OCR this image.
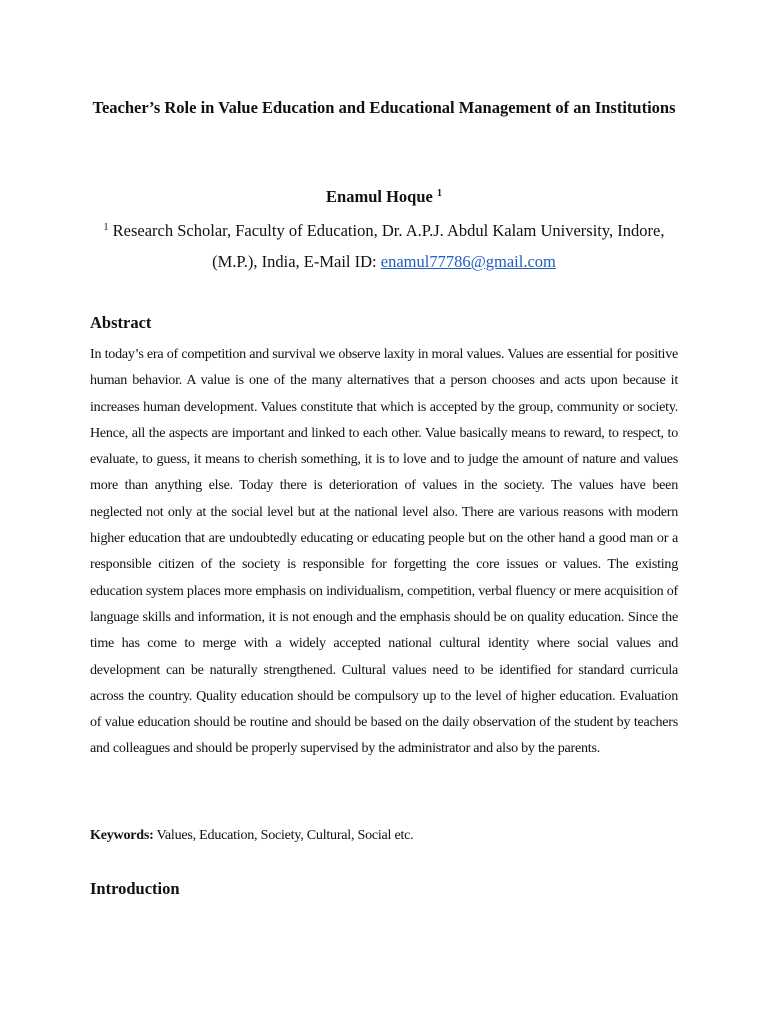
Teacher’s Role in Value Education and Educational Management of an Institutions
Enamul Hoque $^1$
$^1$ Research Scholar, Faculty of Education, Dr. A.P.J. Abdul Kalam University, Indore, (M.P.), India, E-Mail ID: enamul77786@gmail.com
Abstract
In today’s era of competition and survival we observe laxity in moral values. Values are essential for positive human behavior. A value is one of the many alternatives that a person chooses and acts upon because it increases human development. Values constitute that which is accepted by the group, community or society. Hence, all the aspects are important and linked to each other. Value basically means to reward, to respect, to evaluate, to guess, it means to cherish something, it is to love and to judge the amount of nature and values more than anything else. Today there is deterioration of values in the society. The values have been neglected not only at the social level but at the national level also. There are various reasons with modern higher education that are undoubtedly educating or educating people but on the other hand a good man or a responsible citizen of the society is responsible for forgetting the core issues or values. The existing education system places more emphasis on individualism, competition, verbal fluency or mere acquisition of language skills and information, it is not enough and the emphasis should be on quality education. Since the time has come to merge with a widely accepted national cultural identity where social values and development can be naturally strengthened. Cultural values need to be identified for standard curricula across the country. Quality education should be compulsory up to the level of higher education. Evaluation of value education should be routine and should be based on the daily observation of the student by teachers and colleagues and should be properly supervised by the administrator and also by the parents.
Keywords: Values, Education, Society, Cultural, Social etc.
Introduction
